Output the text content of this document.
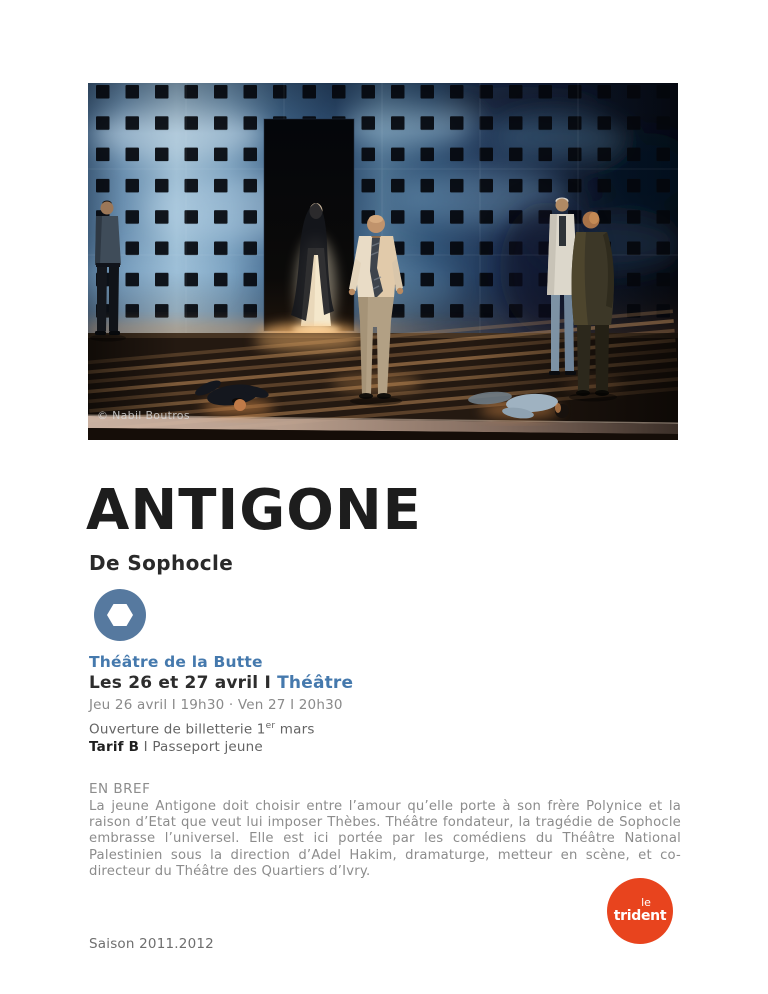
© Nabil Boutros
ANTIGONE
De Sophocle
Théâtre de la Butte
Les 26 et 27 avril I Théâtre
Jeu 26 avril I 19h30 · Ven 27 I 20h30
Ouverture de billetterie 1er mars
Tarif B I Passeport jeune
EN BREF

La jeune Antigone doit choisir entre l’amour qu’elle porte à son frère Polynice et la raison d’Etat que veut lui imposer Thèbes. Théâtre fondateur, la tragédie de Sophocle embrasse l’universel. Elle est ici portée par les comédiens du Théâtre National Palestinien sous la direction d’Adel Hakim, dramaturge, metteur en scène, et co-directeur du Théâtre des Quartiers d’Ivry.

le
trident
Saison 2011.2012
